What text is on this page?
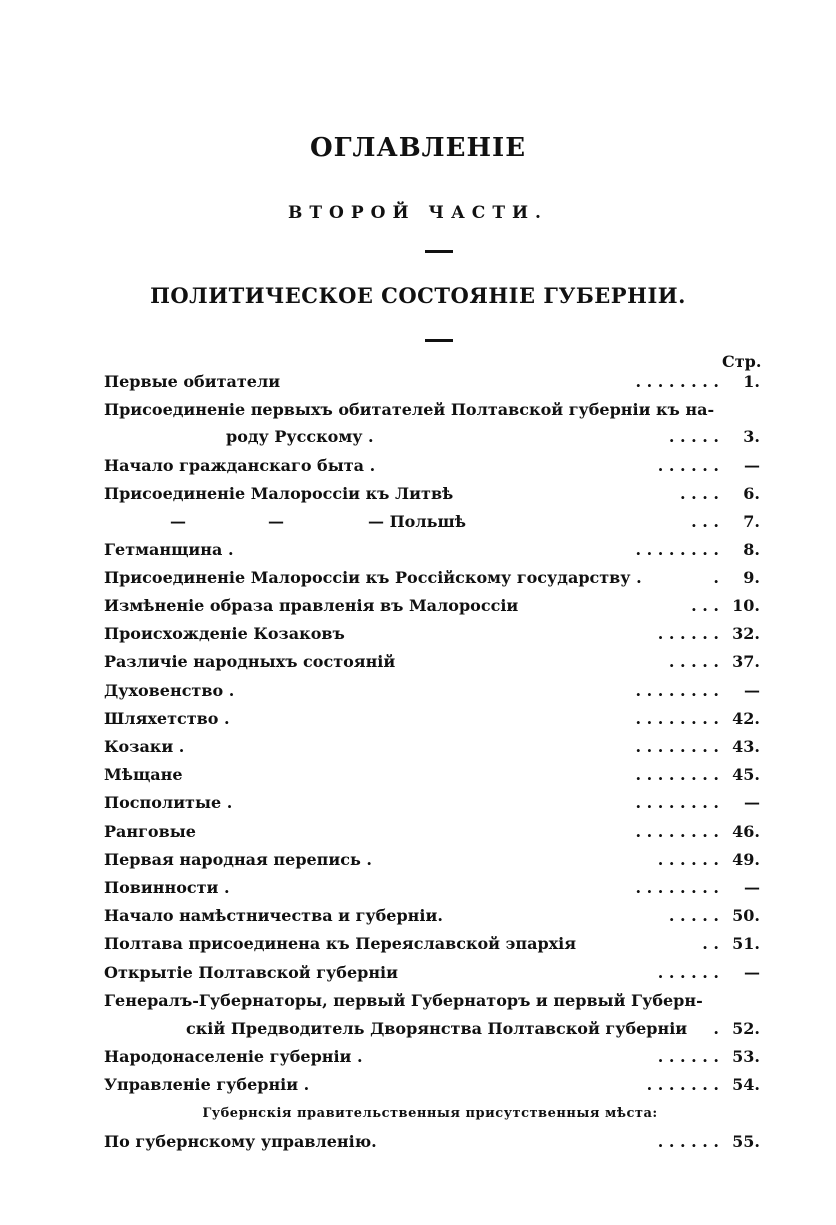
ОГЛАВЛЕНIЕ
ВТОРОЙ ЧАСТИ.
ПОЛИТИЧЕСКОЕ СОСТОЯНIЕ ГУБЕРНIИ.
Стр.
Первые обитатели	. . . . . . . .	1.
Присоединенiе первыхъ обитателей Полтавской губернiи къ на-
роду Русскому .	. . . . .	3.
Начало гражданскаго быта .	. . . . . .	—
Присоединенiе Малороссiи къ Литвѣ	. . . .	6.
—	—	— Польшѣ	. . .	7.
Гетманщина .	. . . . . . . .	8.
Присоединенiе Малороссiи къ Россiйскому государству .	.	9.
Измѣненiе образа правленiя въ Малороссiи	. . . 10.
Происхожденiе Козаковъ	. . . . . . 32.
Различiе народныхъ состоянiй	. . . . . 37.
Духовенство .	. . . . . . . .	—
Шляхетство .	. . . . . . . . 42.
Козаки .	. . . . . . . . 43.
Мѣщане	. . . . . . . . 45.
Посполитые .	. . . . . . . .	—
Ранговые	. . . . . . . . 46.
Первая народная перепись .	. . . . . . 49.
Повинности .	. . . . . . . .	—
Начало намѣстничества и губернiи.	. . . . . 50.
Полтава присоединена къ Переяславской эпархiя	. . 51.
Открытiе Полтавской губернiи	. . . . . .	—
Генералъ-Губернаторы, первый Губернаторъ и первый Губерн-
скiй Предводитель Дворянства Полтавской губернiи . 52.
Народонаселенiе губернiи .	. . . . . . 53.
Управленiе губернiи .	. . . . . . . 54.
Губернскiя правительственныя присутственныя мѣста:
По губернскому управленiю.	. . . . . . 55.
